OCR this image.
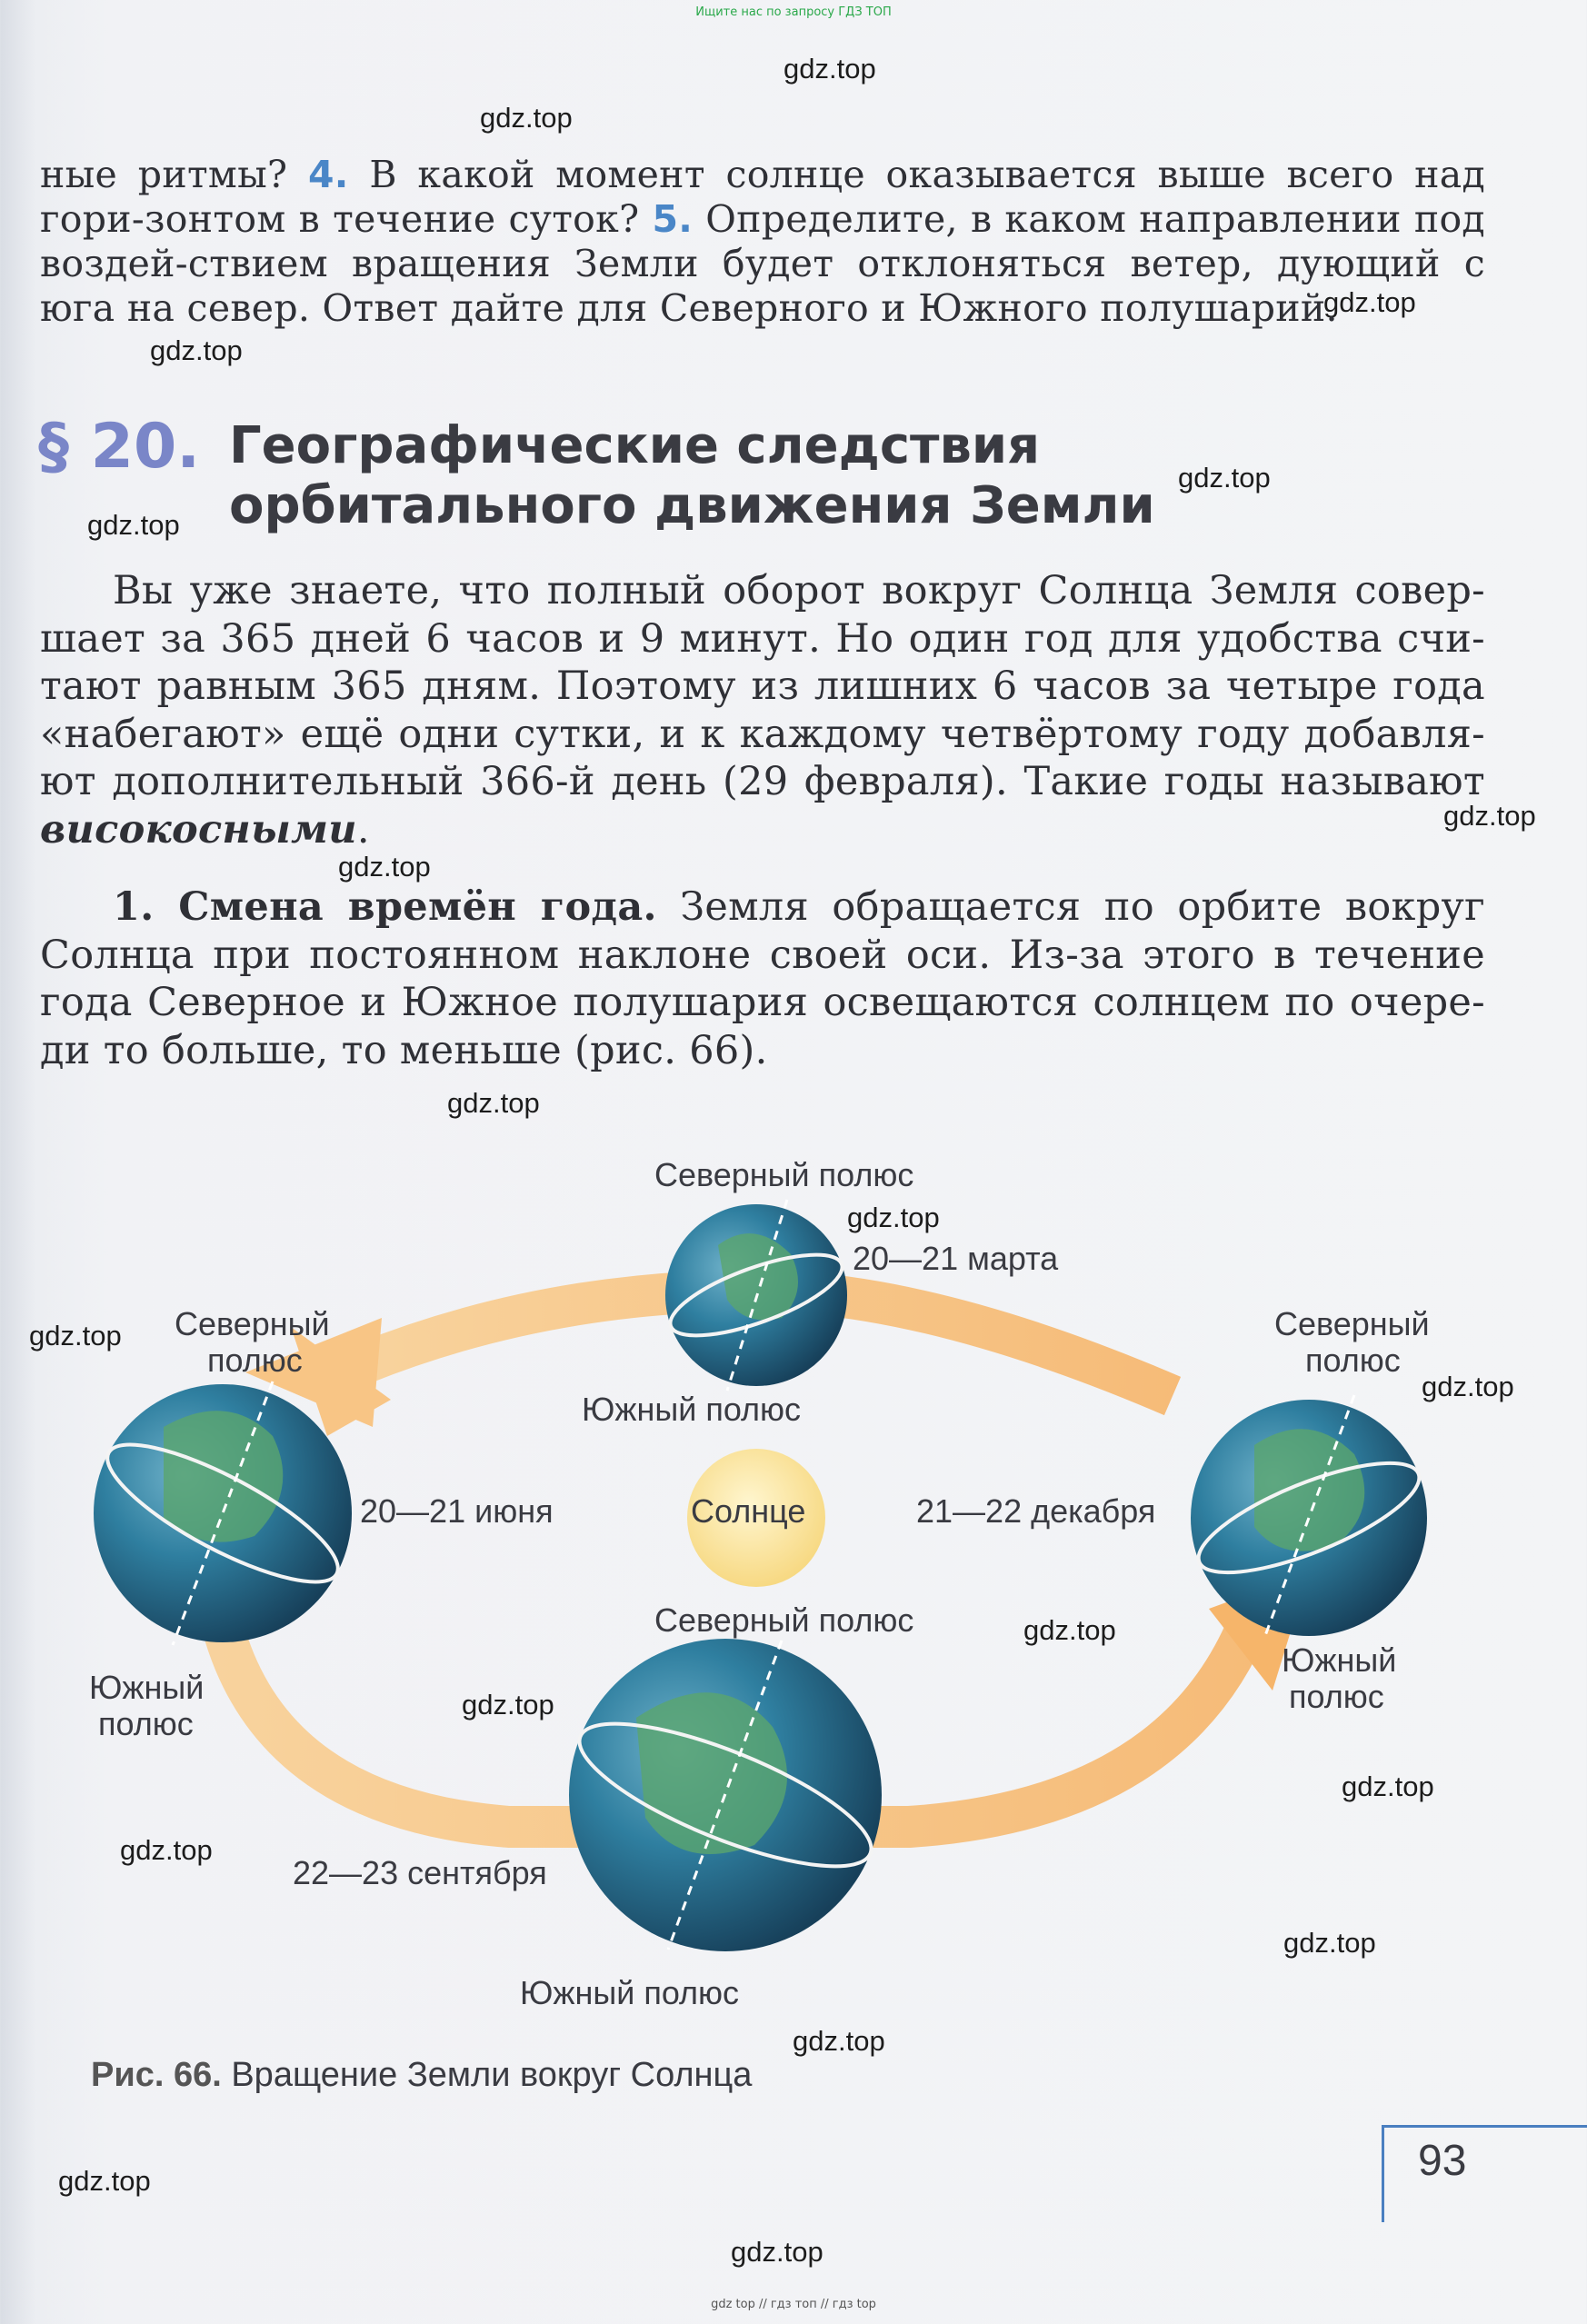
Ищите нас по запросу ГДЗ ТОП
gdz.top
gdz.top
gdz.top
gdz.top
gdz.top
gdz.top
gdz.top
gdz.top
gdz.top
gdz.top
gdz.top
gdz.top
gdz.top
gdz.top
gdz.top
gdz.top
gdz.top
gdz.top
gdz.top
gdz.top
ные ритмы? 4. В какой момент солнце оказывается выше всего над гори-зонтом в течение суток? 5. Определите, в каком направлении под воздей-ствием вращения Земли будет отклоняться ветер, дующий с юга на север. Ответ дайте для Северного и Южного полушарий.
§ 20. Географические следствия
орбитального движения Земли
Вы уже знаете, что полный оборот вокруг Солнца Земля совер-шает за 365 дней 6 часов и 9 минут. Но один год для удобства счи-тают равным 365 дням. Поэтому из лишних 6 часов за четыре года «набегают» ещё одни сутки, и к каждому четвёртому году добавля-ют дополнительный 366-й день (29 февраля). Такие годы называют високосными.
1. Смена времён года. Земля обращается по орбите вокруг Солнца при постоянном наклоне своей оси. Из-за этого в течение года Северное и Южное полушария освещаются солнцем по очере-ди то больше, то меньше (рис. 66).
Северный полюс
20—21 марта
Южный полюс
Северный
полюс
20—21 июня	Солнце	21—22 декабря
Северный
полюс
Южный
полюс
Северный полюс
Южный
полюс
22—23 сентября
Южный полюс
Рис. 66. Вращение Земли вокруг Солнца
93
gdz top // гдз топ // гдз top
